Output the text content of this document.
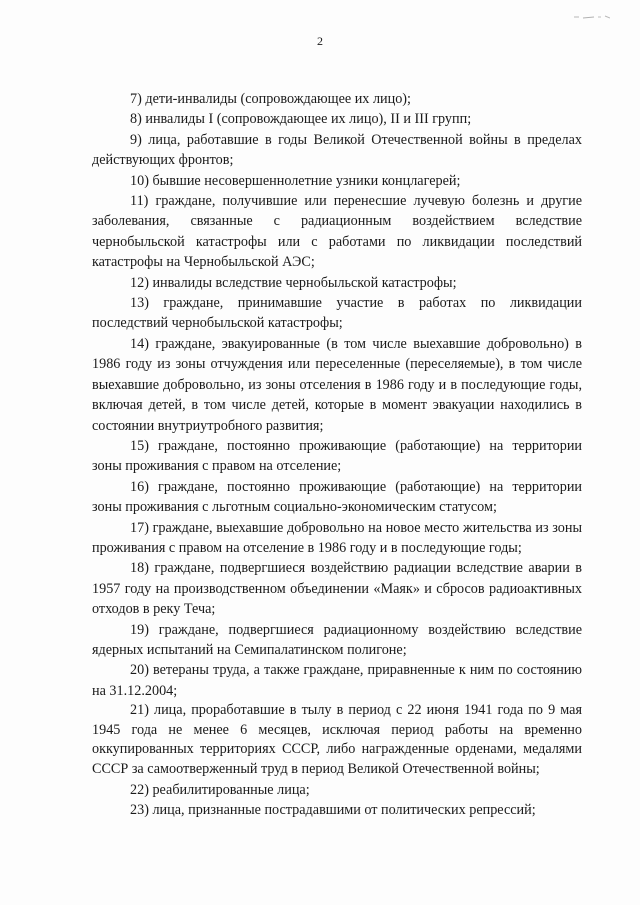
2

7) дети-инвалиды (сопровождающее их лицо);

8) инвалиды I (сопровождающее их лицо), II и III групп;

9) лица, работавшие в годы Великой Отечественной войны в пределах действующих фронтов;

10) бывшие несовершеннолетние узники концлагерей;

11) граждане, получившие или перенесшие лучевую болезнь и другие заболевания, связанные с радиационным воздействием вследствие чернобыльской катастрофы или с работами по ликвидации последствий катастрофы на Чернобыльской АЭС;

12) инвалиды вследствие чернобыльской катастрофы;

13) граждане, принимавшие участие в работах по ликвидации последствий чернобыльской катастрофы;

14) граждане, эвакуированные (в том числе выехавшие добровольно) в 1986 году из зоны отчуждения или переселенные (переселяемые), в том числе выехавшие добровольно, из зоны отселения в 1986 году и в последующие годы, включая детей, в том числе детей, которые в момент эвакуации находились в состоянии внутриутробного развития;

15) граждане, постоянно проживающие (работающие) на территории зоны проживания с правом на отселение;

16) граждане, постоянно проживающие (работающие) на территории зоны проживания с льготным социально-экономическим статусом;

17) граждане, выехавшие добровольно на новое место жительства из зоны проживания с правом на отселение в 1986 году и в последующие годы;

18) граждане, подвергшиеся воздействию радиации вследствие аварии в 1957 году на производственном объединении «Маяк» и сбросов радиоактивных отходов в реку Теча;

19) граждане, подвергшиеся радиационному воздействию вследствие ядерных испытаний на Семипалатинском полигоне;

20) ветераны труда, а также граждане, приравненные к ним по состоянию на 31.12.2004;

21) лица, проработавшие в тылу в период с 22 июня 1941 года по 9 мая 1945 года не менее 6 месяцев, исключая период работы на временно оккупированных территориях СССР, либо награжденные орденами, медалями СССР за самоотверженный труд в период Великой Отечественной войны;

22) реабилитированные лица;

23) лица, признанные пострадавшими от политических репрессий;
